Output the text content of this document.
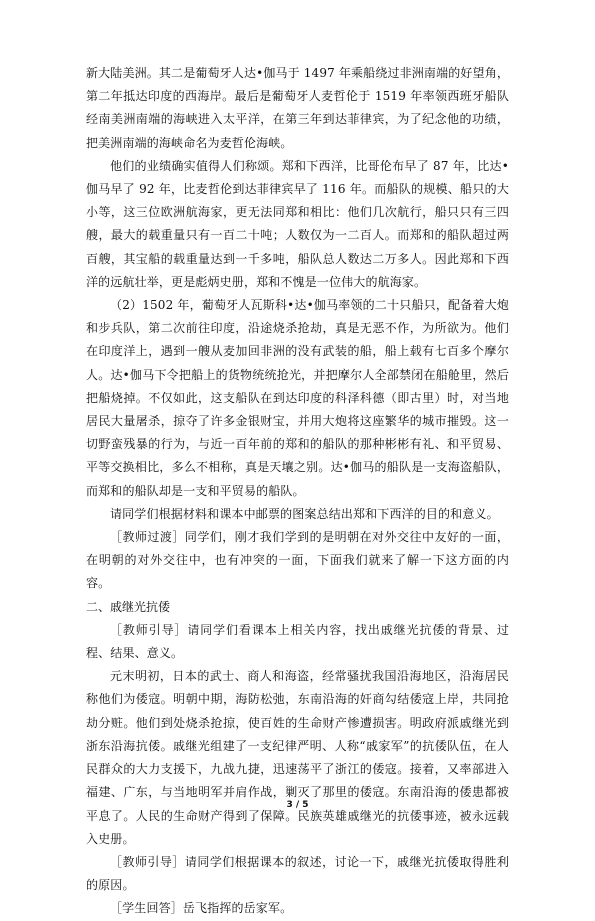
新大陆美洲。其二是葡萄牙人达•伽马于 1497 年乘船绕过非洲南端的好望角，第二年抵达印度的西海岸。最后是葡萄牙人麦哲伦于 1519 年率领西班牙船队经南美洲南端的海峡进入太平洋，在第三年到达菲律宾，为了纪念他的功绩，把美洲南端的海峡命名为麦哲伦海峡。
他们的业绩确实值得人们称颂。郑和下西洋，比哥伦布早了 87 年，比达•伽马早了 92 年，比麦哲伦到达菲律宾早了 116 年。而船队的规模、船只的大小等，这三位欧洲航海家，更无法同郑和相比：他们几次航行，船只只有三四艘，最大的载重量只有一百二十吨；人数仅为一二百人。而郑和的船队超过两百艘，其宝船的载重量达到一千多吨，船队总人数达二万多人。因此郑和下西洋的远航壮举，更是彪炳史册，郑和不愧是一位伟大的航海家。
（2）1502 年，葡萄牙人瓦斯科•达•伽马率领的二十只船只，配备着大炮和步兵队，第二次前往印度，沿途烧杀抢劫，真是无恶不作，为所欲为。他们在印度洋上，遇到一艘从麦加回非洲的没有武装的船，船上载有七百多个摩尔人。达•伽马下令把船上的货物统统抢光，并把摩尔人全部禁闭在船舱里，然后把船烧掉。不仅如此，这支船队在到达印度的科泽科德（即古里）时，对当地居民大量屠杀，掠夺了许多金银财宝，并用大炮将这座繁华的城市摧毁。这一切野蛮残暴的行为，与近一百年前的郑和的船队的那种彬彬有礼、和平贸易、平等交换相比，多么不相称，真是天壤之别。达•伽马的船队是一支海盗船队，而郑和的船队却是一支和平贸易的船队。
请同学们根据材料和课本中邮票的图案总结出郑和下西洋的目的和意义。
［教师过渡］同学们，刚才我们学到的是明朝在对外交往中友好的一面，在明朝的对外交往中，也有冲突的一面，下面我们就来了解一下这方面的内容。
二、戚继光抗倭
［教师引导］请同学们看课本上相关内容，找出戚继光抗倭的背景、过程、结果、意义。
元末明初，日本的武士、商人和海盗，经常骚扰我国沿海地区，沿海居民称他们为倭寇。明朝中期，海防松弛，东南沿海的奸商勾结倭寇上岸，共同抢劫分赃。他们到处烧杀抢掠，使百姓的生命财产惨遭损害。明政府派戚继光到浙东沿海抗倭。戚继光组建了一支纪律严明、人称“戚家军”的抗倭队伍，在人民群众的大力支援下，九战九捷，迅速荡平了浙江的倭寇。接着，又率部进入福建、广东，与当地明军并肩作战，剿灭了那里的倭寇。东南沿海的倭患都被平息了。人民的生命财产得到了保障。民族英雄戚继光的抗倭事迹，被永远载入史册。
［教师引导］请同学们根据课本的叙述，讨论一下，戚继光抗倭取得胜利的原因。
［学生回答］岳飞指挥的岳家军。
3 / 5
